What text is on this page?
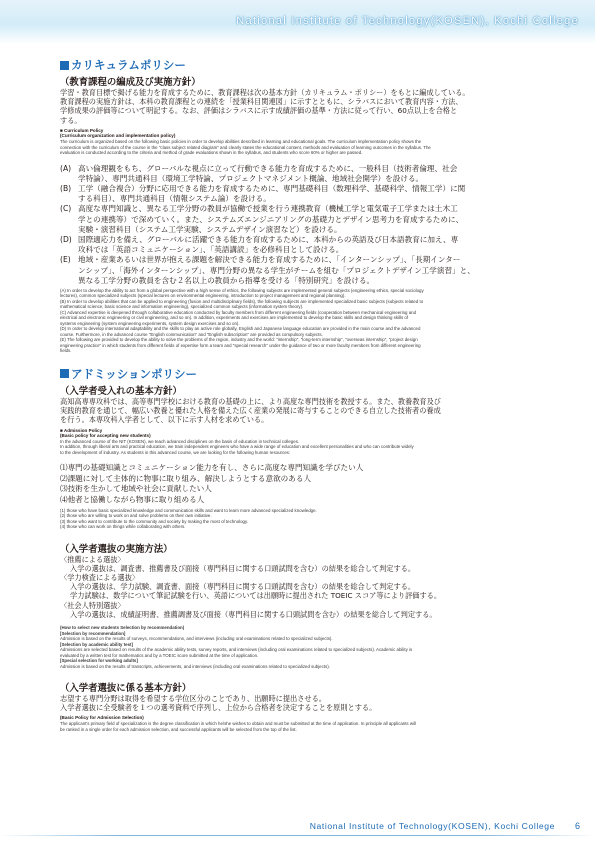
National Institute of Technology(KOSEN), Kochi College
カリキュラムポリシー
（教育課程の編成及び実施方針）

学習・教育目標で掲げる能力を育成するために、教育課程は次の基本方針（カリキュラム・ポリシー）をもとに編成している。

教育課程の実施方針は、本科の教育課程との連続を「授業科目関連図」に示すとともに、シラバスにおいて教育内容・方法、

学修成果の評価等について明記する。なお、評価はシラバスに示す成績評価の基準・方法に従って行い、60点以上を合格と

する。

■ Curriculum Policy
(Curriculum organization and implementation policy)

The curriculum is organized based on the following basic policies in order to develop abilities described in learning and educational goals. The curriculum implementation policy shows the

connection with the curriculum of the course in the "class subject related diagram" and clearly states the educational content, methods and evaluation of learning outcomes in the syllabus. The

evaluation is conducted according to the criteria and method of grade evaluations shown in the syllabus, and students who score 60% or higher are passed.

(A) 高い倫理観をもち、グローバルな視点に立って行動できる能力を育成するために、一般科目（技術者倫理、社会
学特論）、専門共通科目（環境工学特論、プロジェクトマネジメント概論、地域社会開学）を設ける。
(B) 工学（融合複合）分野に応用できる能力を育成するために、専門基礎科目（数理科学、基礎科学、情報工学）に関
する科目）、専門共通科目（情報システム論）を設ける。
(C) 高度な専門知識と、異なる工学分野の教員が協働で授業を行う連携教育（機械工学と電気電子工学または土木工
学との連携等）で深めていく。また、システムズエンジニアリングの基礎力とデザイン思考力を育成するために、
実験・演習科目（システム工学実験、システムデザイン演習など）を設ける。
(D) 国際適応力を備え、グローバルに活躍できる能力を育成するために、本科からの英語及び日本語教育に加え、専
攻科では「英語コミュニケーション」、「英語講読」を必修科目として設ける。
(E) 地域・産業あるいは世界が抱える課題を解決できる能力を育成するために、「インターンシップ」、「長期インター
ンシップ」、「海外インターンシップ」、専門分野の異なる学生がチームを組む「プロジェクトデザイン工学演習」と、
異なる工学分野の教員を含む２名以上の教員から指導を受ける「特別研究」を設ける。

(A) In order to develop the ability to act from a global perspective with a high sense of ethics, the following subjects are implemented general subjects (engineering ethics, special sociology

lectures), common specialized subjects (special lectures on environmental engineering, introduction to project management and regional planning).

(B) In order to develop abilities that can be applied to engineering (fusion and multidisciplinary fields), the following subjects are implemented specialized basic subjects (subjects related to

mathematical science, basic science and information engineering), specialized common subjects (information system theory).

(C) Advanced expertise is deepened through collaborative education conducted by faculty members from different engineering fields (cooperation between mechanical engineering and

electrical and electronic engineering or civil engineering, and so on). In addition, experiments and exercises are implemented to develop the basic skills and design thinking skills of

systems engineering (system engineering experiments, system design exercises and so on).

(D) In order to develop international adaptability and the skills to play an active role globally, English and Japanese language education are provided in the main course and the advanced

course. Furthermore, in the advanced course "English communication" and "English subscription" are provided as compulsory subjects.

(E) The following are provided to develop the ability to solve the problems of the region, industry and the world: "internship", "long-term internship", "overseas internship", "project design

engineering practice" in which students from different fields of expertise form a team and "special research" under the guidance of two or more faculty members from different engineering

fields.

アドミッションポリシー
（入学者受入れの基本方針）

高知高専専攻科では、高等専門学校における教育の基礎の上に、より高度な専門技術を教授する。また、教養教育及び

実践的教育を通じて、幅広い教養と優れた人格を備えた広く産業の発展に寄与することのできる自立した技術者の養成

を行う。本専攻科入学者として、以下に示す人材を求めている。

■ Admission Policy
(Basic policy for accepting new students)

In the advanced course of the NIT (KOSEN), we teach advanced disciplines on the basis of education in technical colleges.

In addition, through liberal arts and practical education, we train independent engineers who have a wide range of education and excellent personalities and who can contribute widely

to the development of industry. As students in this advanced course, we are looking for the following human resources:

⑴専門の基礎知識とコミュニケーション能力を有し、さらに高度な専門知識を学びたい人
⑵課題に対して主体的に物事に取り組み、解決しようとする意欲のある人
⑶技術を生かして地域や社会に貢献したい人
⑷他者と協働しながら物事に取り組める人

(1) those who have basic specialized knowledge and communication skills and want to learn more advanced specialized knowledge.

(2) those who are willing to work on and solve problems on their own initiative.

(3) those who want to contribute to the community and society by making the most of technology.

(4) those who can work on things while collaborating with others.

（入学者選抜の実施方法）

〈推薦による選抜〉

入学の選抜は、調査書、推薦書及び面接（専門科目に関する口頭試問を含む）の結果を総合して判定する。

〈学力検査による選抜〉

入学の選抜は、学力試験、調査書、面接（専門科目に関する口頭試問を含む）の結果を総合して判定する。

学力試験は、数学について筆記試験を行い、英語については出願時に提出された TOEIC スコア等により評価する。

〈社会人特別選抜〉

入学の選抜は、成績証明書、推薦調書及び面接（専門科目に関する口頭試問を含む）の結果を総合して判定する。

(How to select new students Selection by recommendation)

[Selection by recommendation]

Admission is based on the results of surveys, recommendations, and interviews (including oral examinations related to specialized subjects).

[Selection by academic ability test]

Admissions are selected based on results of the academic ability tests, survey reports, and interviews (including oral examinations related to specialized subjects). Academic ability is

evaluated by a written test for mathematics and by a TOEIC score submitted at the time of application.

[Special selection for working adults]

Admission is based on the results of transcripts, achievements, and interviews (including oral examinations related to specialized subjects).

（入学者選抜に係る基本方針）

志望する専門分野は取得を希望する学位区分のことであり、出願時に提出させる。

入学者選抜に全受験者を１つの選考資料で序列し、上位から合格者を決定することを原則とする。

(Basic Policy for Admission Selection)

The applicant's primary field of specialization is the degree classification in which he/she wishes to obtain and must be submitted at the time of application. In principle all applicants will

be ranked in a single order for each admission selection, and successful applicants will be selected from the top of the list.

National Institute of Technology(KOSEN), Kochi College 6
